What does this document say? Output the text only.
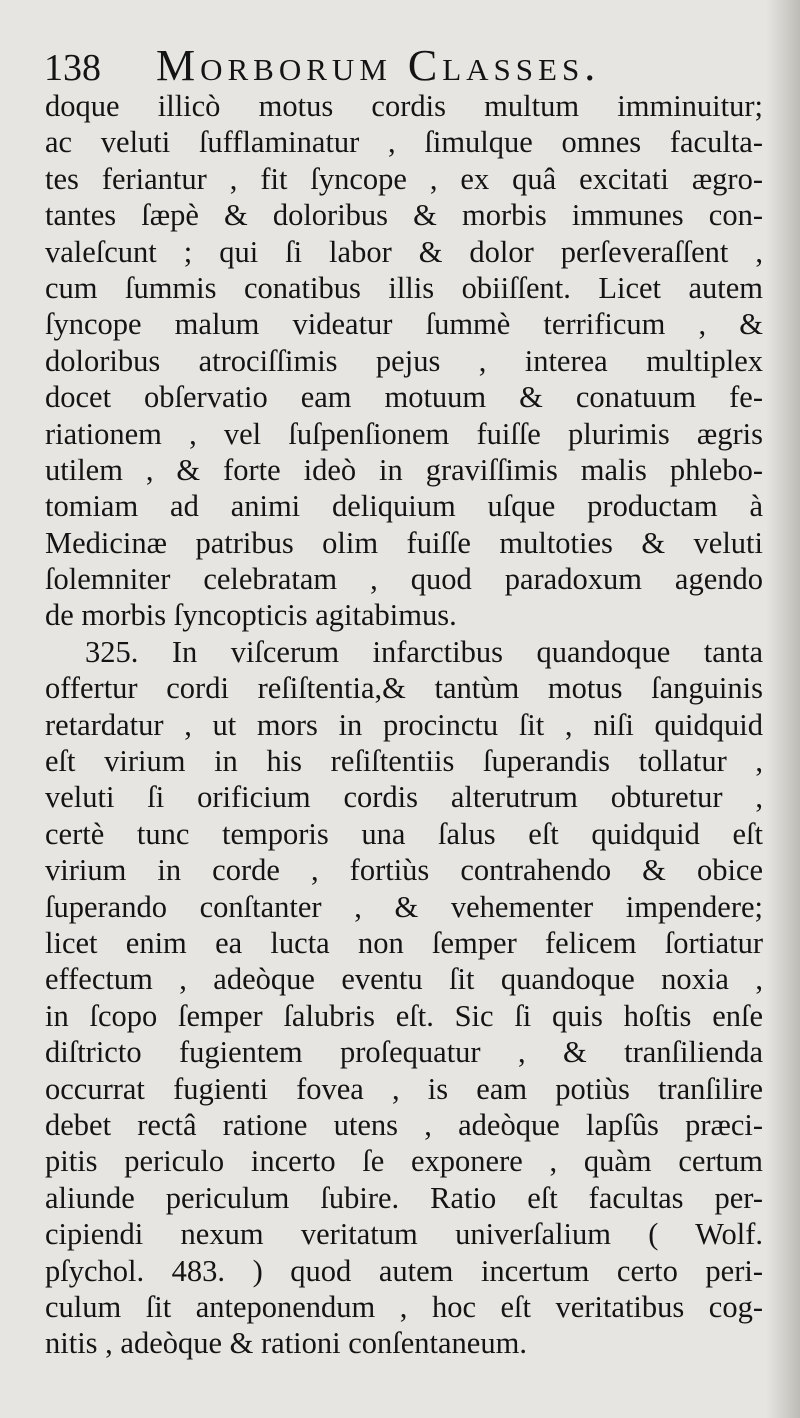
138 Morborum Classes.
doque illicò motus cordis multum imminuitur;
ac veluti ſufflaminatur , ſimulque omnes faculta-
tes feriantur , fit ſyncope , ex quâ excitati ægro-
tantes ſæpè & doloribus & morbis immunes con-
valeſcunt ; qui ſi labor & dolor perſeveraſſent ,
cum ſummis conatibus illis obiiſſent. Licet autem
ſyncope malum videatur ſummè terrificum , &
doloribus atrociſſimis pejus , interea multiplex
docet obſervatio eam motuum & conatuum fe-
riationem , vel ſuſpenſionem fuiſſe plurimis ægris
utilem , & forte ideò in graviſſimis malis phlebo-
tomiam ad animi deliquium uſque productam à
Medicinæ patribus olim fuiſſe multoties & veluti
ſolemniter celebratam , quod paradoxum agendo
de morbis ſyncopticis agitabimus.
325. In viſcerum infarctibus quandoque tanta
offertur cordi reſiſtentia,& tantùm motus ſanguinis
retardatur , ut mors in procinctu ſit , niſi quidquid
eſt virium in his reſiſtentiis ſuperandis tollatur ,
veluti ſi orificium cordis alterutrum obturetur ,
certè tunc temporis una ſalus eſt quidquid eſt
virium in corde , fortiùs contrahendo & obice
ſuperando conſtanter , & vehementer impendere;
licet enim ea lucta non ſemper felicem ſortiatur
effectum , adeòque eventu ſit quandoque noxia ,
in ſcopo ſemper ſalubris eſt. Sic ſi quis hoſtis enſe
diſtricto fugientem proſequatur , & tranſilienda
occurrat fugienti fovea , is eam potiùs tranſilire
debet rectâ ratione utens , adeòque lapſûs præci-
pitis periculo incerto ſe exponere , quàm certum
aliunde periculum ſubire. Ratio eſt facultas per-
cipiendi nexum veritatum univerſalium ( Wolf.
pſychol. 483. ) quod autem incertum certo peri-
culum ſit anteponendum , hoc eſt veritatibus cog-
nitis , adeòque & rationi conſentaneum.
